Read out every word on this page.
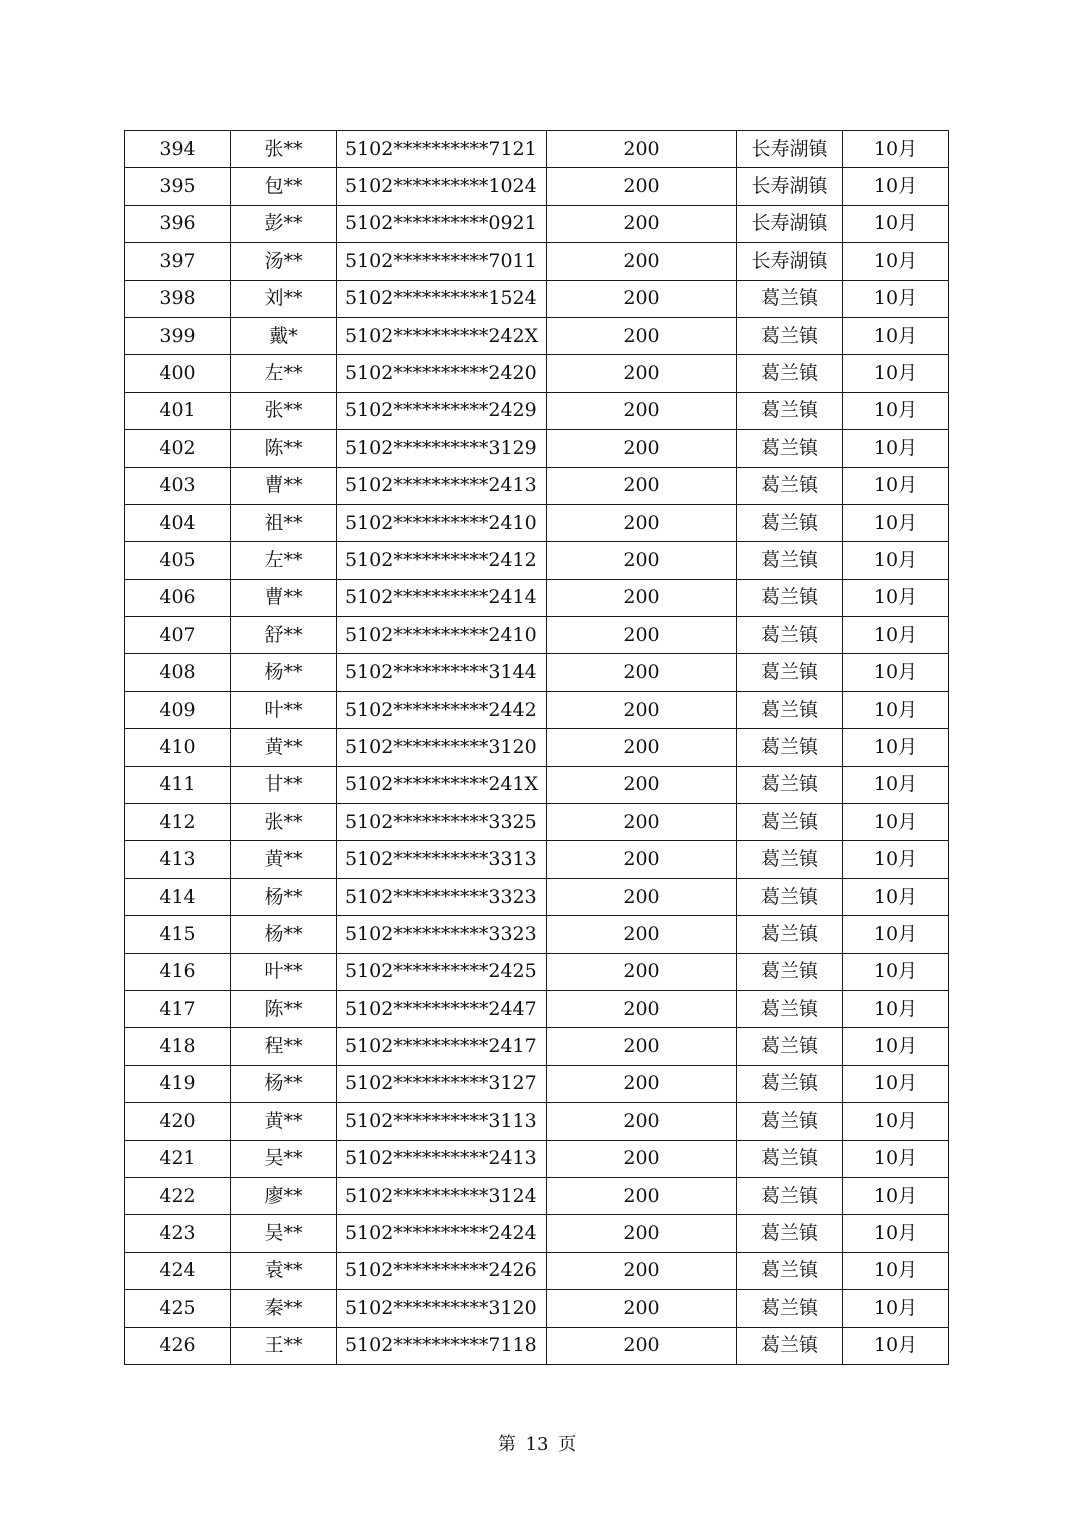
394	张**	5102**********7121	200	长寿湖镇	10月
395	包**	5102**********1024	200	长寿湖镇	10月
396	彭**	5102**********0921	200	长寿湖镇	10月
397	汤**	5102**********7011	200	长寿湖镇	10月
398	刘**	5102**********1524	200	葛兰镇	10月
399	戴*	5102**********242X	200	葛兰镇	10月
400	左**	5102**********2420	200	葛兰镇	10月
401	张**	5102**********2429	200	葛兰镇	10月
402	陈**	5102**********3129	200	葛兰镇	10月
403	曹**	5102**********2413	200	葛兰镇	10月
404	祖**	5102**********2410	200	葛兰镇	10月
405	左**	5102**********2412	200	葛兰镇	10月
406	曹**	5102**********2414	200	葛兰镇	10月
407	舒**	5102**********2410	200	葛兰镇	10月
408	杨**	5102**********3144	200	葛兰镇	10月
409	叶**	5102**********2442	200	葛兰镇	10月
410	黄**	5102**********3120	200	葛兰镇	10月
411	甘**	5102**********241X	200	葛兰镇	10月
412	张**	5102**********3325	200	葛兰镇	10月
413	黄**	5102**********3313	200	葛兰镇	10月
414	杨**	5102**********3323	200	葛兰镇	10月
415	杨**	5102**********3323	200	葛兰镇	10月
416	叶**	5102**********2425	200	葛兰镇	10月
417	陈**	5102**********2447	200	葛兰镇	10月
418	程**	5102**********2417	200	葛兰镇	10月
419	杨**	5102**********3127	200	葛兰镇	10月
420	黄**	5102**********3113	200	葛兰镇	10月
421	吴**	5102**********2413	200	葛兰镇	10月
422	廖**	5102**********3124	200	葛兰镇	10月
423	吴**	5102**********2424	200	葛兰镇	10月
424	袁**	5102**********2426	200	葛兰镇	10月
425	秦**	5102**********3120	200	葛兰镇	10月
426	王**	5102**********7118	200	葛兰镇	10月
第 13 页
